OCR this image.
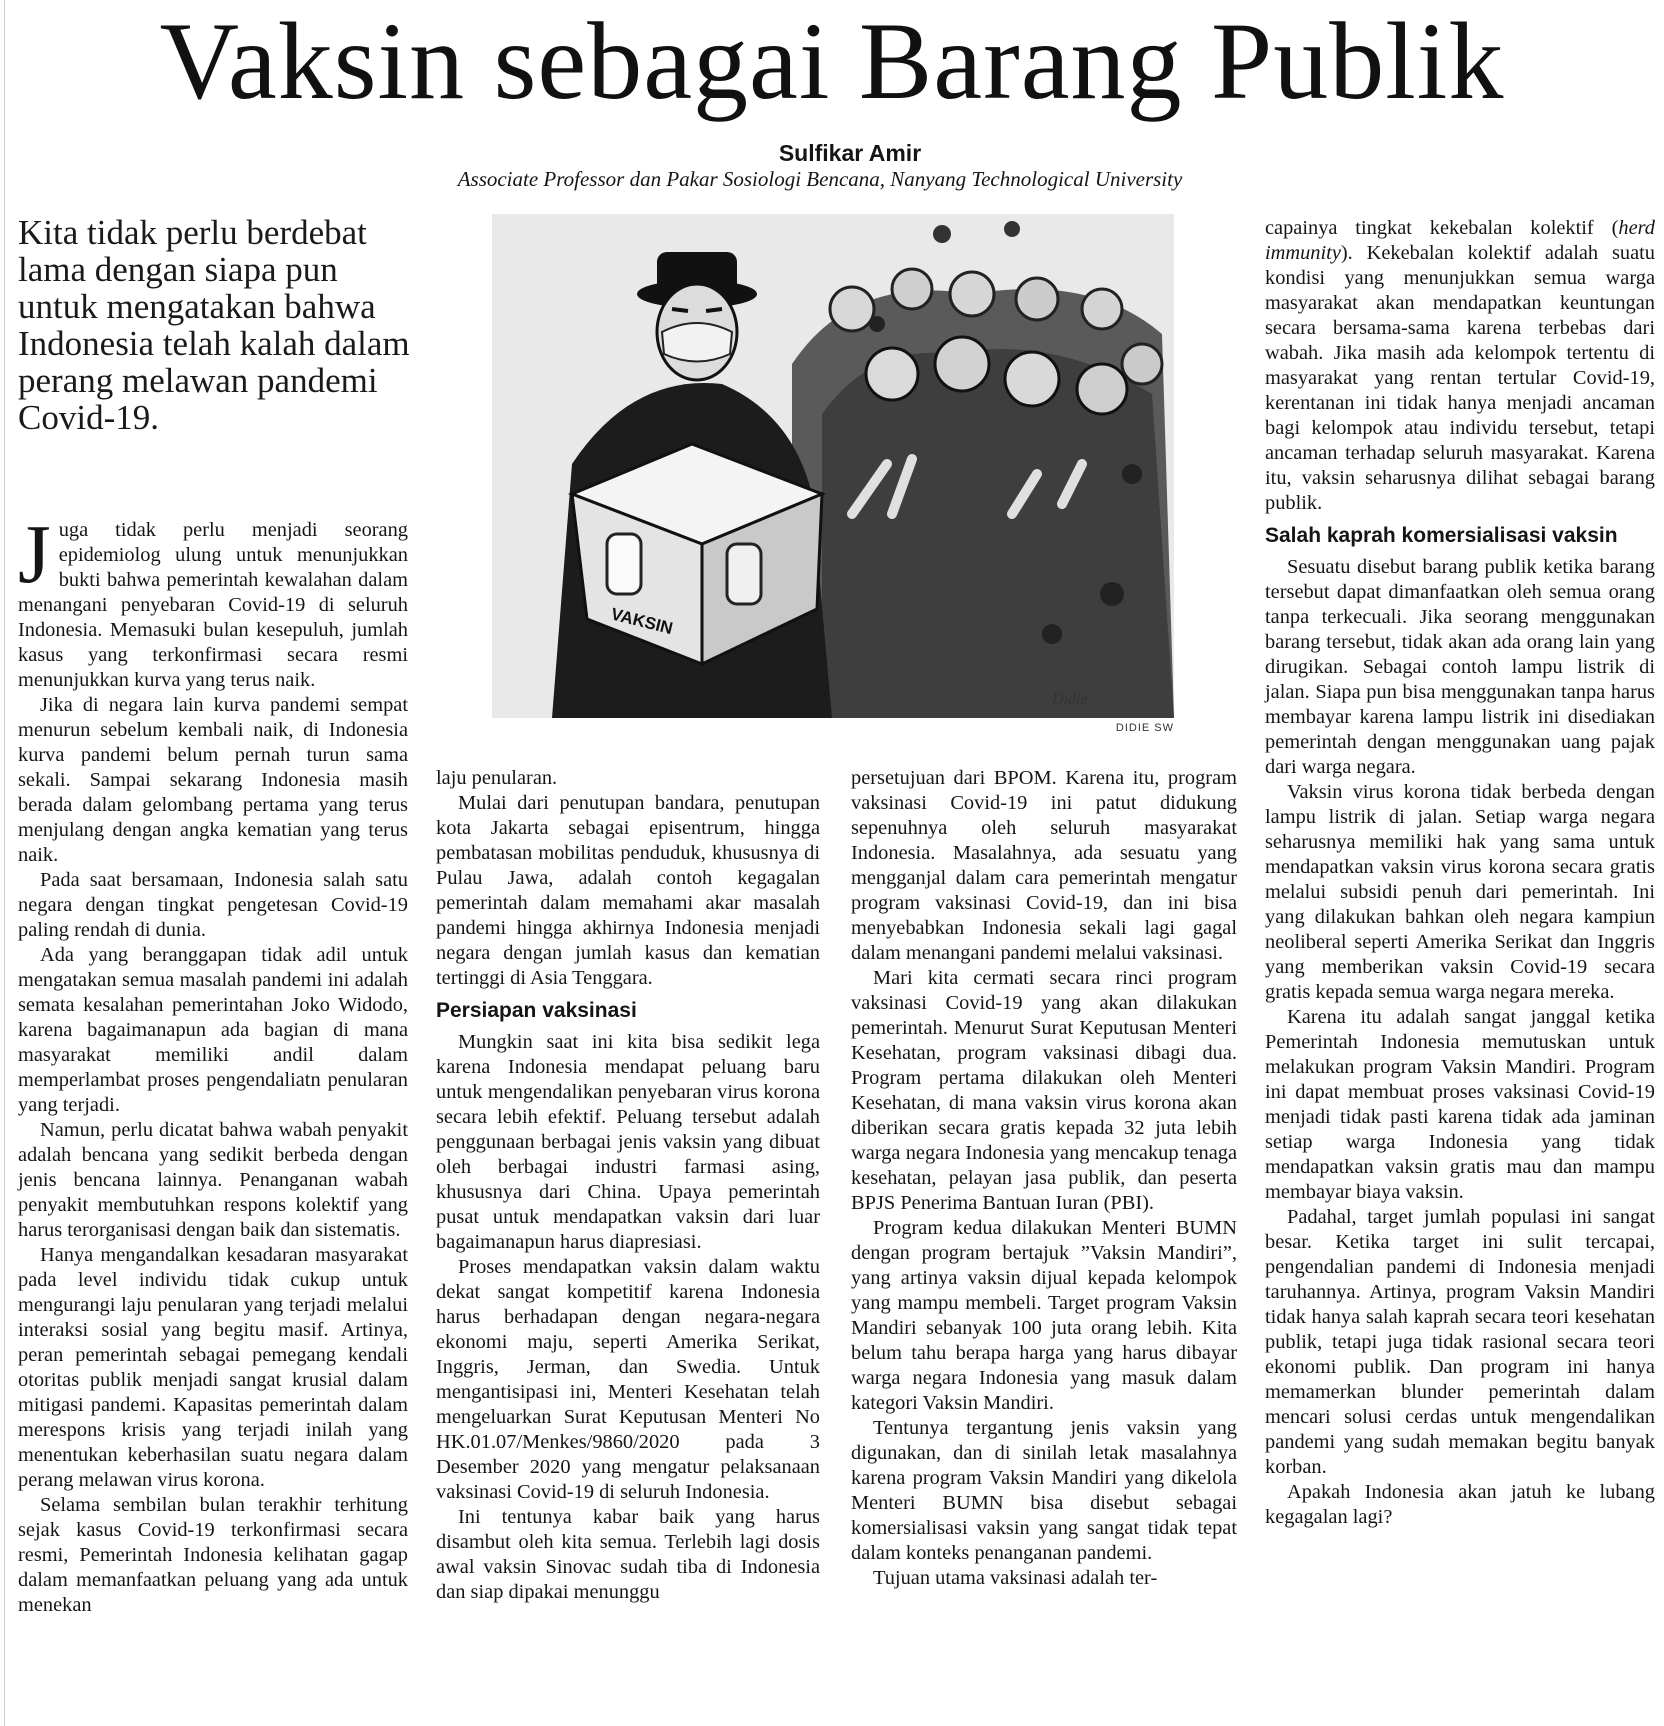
Vaksin sebagai Barang Publik
Sulfikar Amir
Associate Professor dan Pakar Sosiologi Bencana, Nanyang Technological University
Kita tidak perlu berdebat lama dengan siapa pun untuk mengatakan bahwa Indonesia telah kalah dalam perang melawan pandemi Covid-19.
VAKSIN
Didie
DIDIE SW

Juga tidak perlu menjadi seorang epidemiolog ulung untuk menunjukkan bukti bahwa pemerintah kewalahan dalam menangani penyebaran Covid-19 di seluruh Indonesia. Memasuki bulan kesepuluh, jumlah kasus yang terkonfirmasi secara resmi menunjukkan kurva yang terus naik.

Jika di negara lain kurva pandemi sempat menurun sebelum kembali naik, di Indonesia kurva pandemi belum pernah turun sama sekali. Sampai sekarang Indonesia masih berada dalam gelombang pertama yang terus menjulang dengan angka kematian yang terus naik.

Pada saat bersamaan, Indonesia salah satu negara dengan tingkat pengetesan Covid-19 paling rendah di dunia.

Ada yang beranggapan tidak adil untuk mengatakan semua masalah pandemi ini adalah semata kesalahan pemerintahan Joko Widodo, karena bagaimanapun ada bagian di mana masyarakat memiliki andil dalam memperlambat proses pengendaliatn penularan yang terjadi.

Namun, perlu dicatat bahwa wabah penyakit adalah bencana yang sedikit berbeda dengan jenis bencana lainnya. Penanganan wabah penyakit membutuhkan respons kolektif yang harus terorganisasi dengan baik dan sistematis.

Hanya mengandalkan kesadaran masyarakat pada level individu tidak cukup untuk mengurangi laju penularan yang terjadi melalui interaksi sosial yang begitu masif. Artinya, peran pemerintah sebagai pemegang kendali otoritas publik menjadi sangat krusial dalam mitigasi pandemi. Kapasitas pemerintah dalam merespons krisis yang terjadi inilah yang menentukan keberhasilan suatu negara dalam perang melawan virus korona.

Selama sembilan bulan terakhir terhitung sejak kasus Covid-19 terkonfirmasi secara resmi, Pemerintah Indonesia kelihatan gagap dalam memanfaatkan peluang yang ada untuk menekan

laju penularan.

Mulai dari penutupan bandara, penutupan kota Jakarta sebagai episentrum, hingga pembatasan mobilitas penduduk, khususnya di Pulau Jawa, adalah contoh kegagalan pemerintah dalam memahami akar masalah pandemi hingga akhirnya Indonesia menjadi negara dengan jumlah kasus dan kematian tertinggi di Asia Tenggara.

Persiapan vaksinasi

Mungkin saat ini kita bisa sedikit lega karena Indonesia mendapat peluang baru untuk mengendalikan penyebaran virus korona secara lebih efektif. Peluang tersebut adalah penggunaan berbagai jenis vaksin yang dibuat oleh berbagai industri farmasi asing, khususnya dari China. Upaya pemerintah pusat untuk mendapatkan vaksin dari luar bagaimanapun harus diapresiasi.

Proses mendapatkan vaksin dalam waktu dekat sangat kompetitif karena Indonesia harus berhadapan dengan negara-negara ekonomi maju, seperti Amerika Serikat, Inggris, Jerman, dan Swedia. Untuk mengantisipasi ini, Menteri Kesehatan telah mengeluarkan Surat Keputusan Menteri No HK.01.07/Menkes/9860/2020 pada 3 Desember 2020 yang mengatur pelaksanaan vaksinasi Covid-19 di seluruh Indonesia.

Ini tentunya kabar baik yang harus disambut oleh kita semua. Terlebih lagi dosis awal vaksin Sinovac sudah tiba di Indonesia dan siap dipakai menunggu

persetujuan dari BPOM. Karena itu, program vaksinasi Covid-19 ini patut didukung sepenuhnya oleh seluruh masyarakat Indonesia. Masalahnya, ada sesuatu yang mengganjal dalam cara pemerintah mengatur program vaksinasi Covid-19, dan ini bisa menyebabkan Indonesia sekali lagi gagal dalam menangani pandemi melalui vaksinasi.

Mari kita cermati secara rinci program vaksinasi Covid-19 yang akan dilakukan pemerintah. Menurut Surat Keputusan Menteri Kesehatan, program vaksinasi dibagi dua. Program pertama dilakukan oleh Menteri Kesehatan, di mana vaksin virus korona akan diberikan secara gratis kepada 32 juta lebih warga negara Indonesia yang mencakup tenaga kesehatan, pelayan jasa publik, dan peserta BPJS Penerima Bantuan Iuran (PBI).

Program kedua dilakukan Menteri BUMN dengan program bertajuk ”Vaksin Mandiri”, yang artinya vaksin dijual kepada kelompok yang mampu membeli. Target program Vaksin Mandiri sebanyak 100 juta orang lebih. Kita belum tahu berapa harga yang harus dibayar warga negara Indonesia yang masuk dalam kategori Vaksin Mandiri.

Tentunya tergantung jenis vaksin yang digunakan, dan di sinilah letak masalahnya karena program Vaksin Mandiri yang dikelola Menteri BUMN bisa disebut sebagai komersialisasi vaksin yang sangat tidak tepat dalam konteks penanganan pandemi.

Tujuan utama vaksinasi adalah ter-

capainya tingkat kekebalan kolektif (herd immunity). Kekebalan kolektif adalah suatu kondisi yang menunjukkan semua warga masyarakat akan mendapatkan keuntungan secara bersama-sama karena terbebas dari wabah. Jika masih ada kelompok tertentu di masyarakat yang rentan tertular Covid-19, kerentanan ini tidak hanya menjadi ancaman bagi kelompok atau individu tersebut, tetapi ancaman terhadap seluruh masyarakat. Karena itu, vaksin seharusnya dilihat sebagai barang publik.

Salah kaprah komersialisasi vaksin

Sesuatu disebut barang publik ketika barang tersebut dapat dimanfaatkan oleh semua orang tanpa terkecuali. Jika seorang menggunakan barang tersebut, tidak akan ada orang lain yang dirugikan. Sebagai contoh lampu listrik di jalan. Siapa pun bisa menggunakan tanpa harus membayar karena lampu listrik ini disediakan pemerintah dengan menggunakan uang pajak dari warga negara.

Vaksin virus korona tidak berbeda dengan lampu listrik di jalan. Setiap warga negara seharusnya memiliki hak yang sama untuk mendapatkan vaksin virus korona secara gratis melalui subsidi penuh dari pemerintah. Ini yang dilakukan bahkan oleh negara kampiun neoliberal seperti Amerika Serikat dan Inggris yang memberikan vaksin Covid-19 secara gratis kepada semua warga negara mereka.

Karena itu adalah sangat janggal ketika Pemerintah Indonesia memutuskan untuk melakukan program Vaksin Mandiri. Program ini dapat membuat proses vaksinasi Covid-19 menjadi tidak pasti karena tidak ada jaminan setiap warga Indonesia yang tidak mendapatkan vaksin gratis mau dan mampu membayar biaya vaksin.

Padahal, target jumlah populasi ini sangat besar. Ketika target ini sulit tercapai, pengendalian pandemi di Indonesia menjadi taruhannya. Artinya, program Vaksin Mandiri tidak hanya salah kaprah secara teori kesehatan publik, tetapi juga tidak rasional secara teori ekonomi publik. Dan program ini hanya memamerkan blunder pemerintah dalam mencari solusi cerdas untuk mengendalikan pandemi yang sudah memakan begitu banyak korban.

Apakah Indonesia akan jatuh ke lubang kegagalan lagi?
